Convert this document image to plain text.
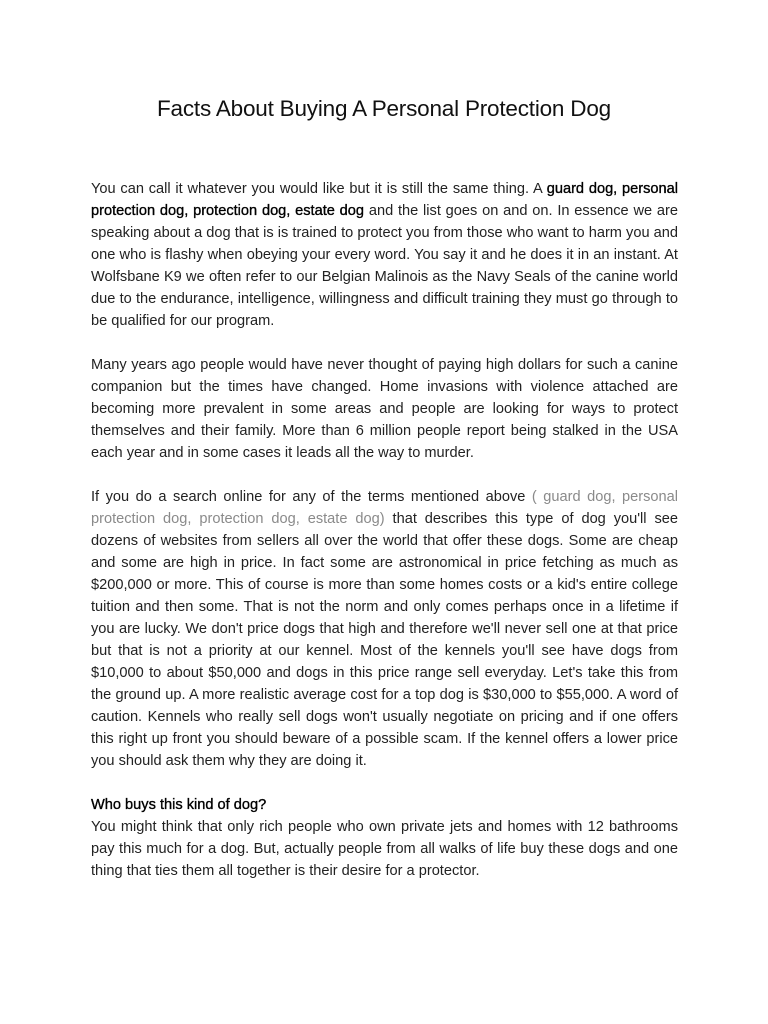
Facts About Buying A Personal Protection Dog

You can call it whatever you would like but it is still the same thing. A guard dog, personal protection dog, protection dog, estate dog and the list goes on and on. In essence we are speaking about a dog that is is trained to protect you from those who want to harm you and one who is flashy when obeying your every word. You say it and he does it in an instant. At Wolfsbane K9 we often refer to our Belgian Malinois as the Navy Seals of the canine world due to the endurance, intelligence, willingness and difficult training they must go through to be qualified for our program.

Many years ago people would have never thought of paying high dollars for such a canine companion but the times have changed. Home invasions with violence attached are becoming more prevalent in some areas and people are looking for ways to protect themselves and their family. More than 6 million people report being stalked in the USA each year and in some cases it leads all the way to murder.

If you do a search online for any of the terms mentioned above ( guard dog, personal protection dog, protection dog, estate dog) that describes this type of dog you'll see dozens of websites from sellers all over the world that offer these dogs. Some are cheap and some are high in price. In fact some are astronomical in price fetching as much as $200,000 or more. This of course is more than some homes costs or a kid's entire college tuition and then some. That is not the norm and only comes perhaps once in a lifetime if you are lucky. We don't price dogs that high and therefore we'll never sell one at that price but that is not a priority at our kennel. Most of the kennels you'll see have dogs from $10,000 to about $50,000 and dogs in this price range sell everyday. Let's take this from the ground up. A more realistic average cost for a top dog is $30,000 to $55,000. A word of caution. Kennels who really sell dogs won't usually negotiate on pricing and if one offers this right up front you should beware of a possible scam. If the kennel offers a lower price you should ask them why they are doing it.

Who buys this kind of dog?

You might think that only rich people who own private jets and homes with 12 bathrooms pay this much for a dog. But, actually people from all walks of life buy these dogs and one thing that ties them all together is their desire for a protector.
